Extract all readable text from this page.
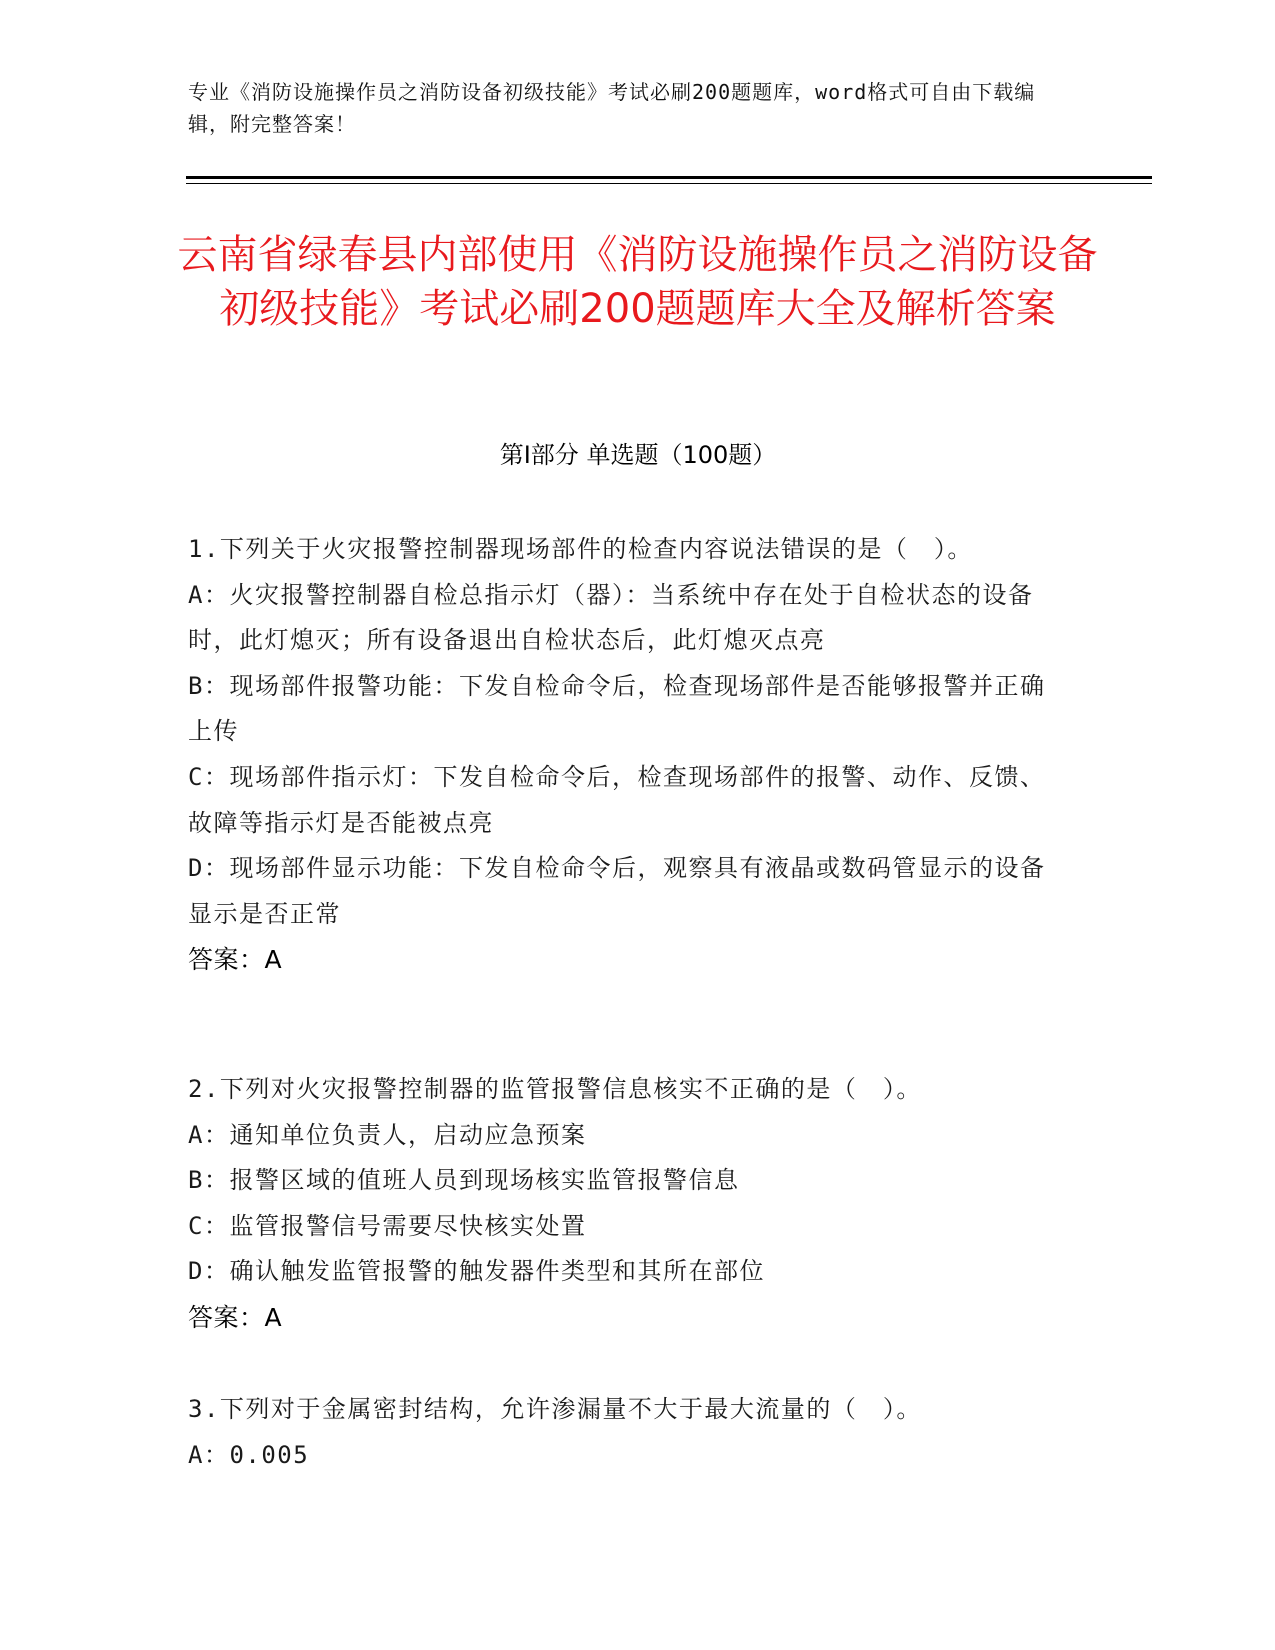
专业《消防设施操作员之消防设备初级技能》考试必刷200题题库，word格式可自由下载编辑，附完整答案！
云南省绿春县内部使用《消防设施操作员之消防设备初级技能》考试必刷200题题库大全及解析答案
第Ⅰ部分 单选题（100题）
1.下列关于火灾报警控制器现场部件的检查内容说法错误的是（　）。
A：火灾报警控制器自检总指示灯（器）：当系统中存在处于自检状态的设备时，此灯熄灭；所有设备退出自检状态后，此灯熄灭点亮
B：现场部件报警功能：下发自检命令后，检查现场部件是否能够报警并正确上传
C：现场部件指示灯：下发自检命令后，检查现场部件的报警、动作、反馈、故障等指示灯是否能被点亮
D：现场部件显示功能：下发自检命令后，观察具有液晶或数码管显示的设备显示是否正常
答案：A
2.下列对火灾报警控制器的监管报警信息核实不正确的是（　）。
A：通知单位负责人，启动应急预案
B：报警区域的值班人员到现场核实监管报警信息
C：监管报警信号需要尽快核实处置
D：确认触发监管报警的触发器件类型和其所在部位
答案：A
3.下列对于金属密封结构，允许渗漏量不大于最大流量的（　）。
A：0.005
